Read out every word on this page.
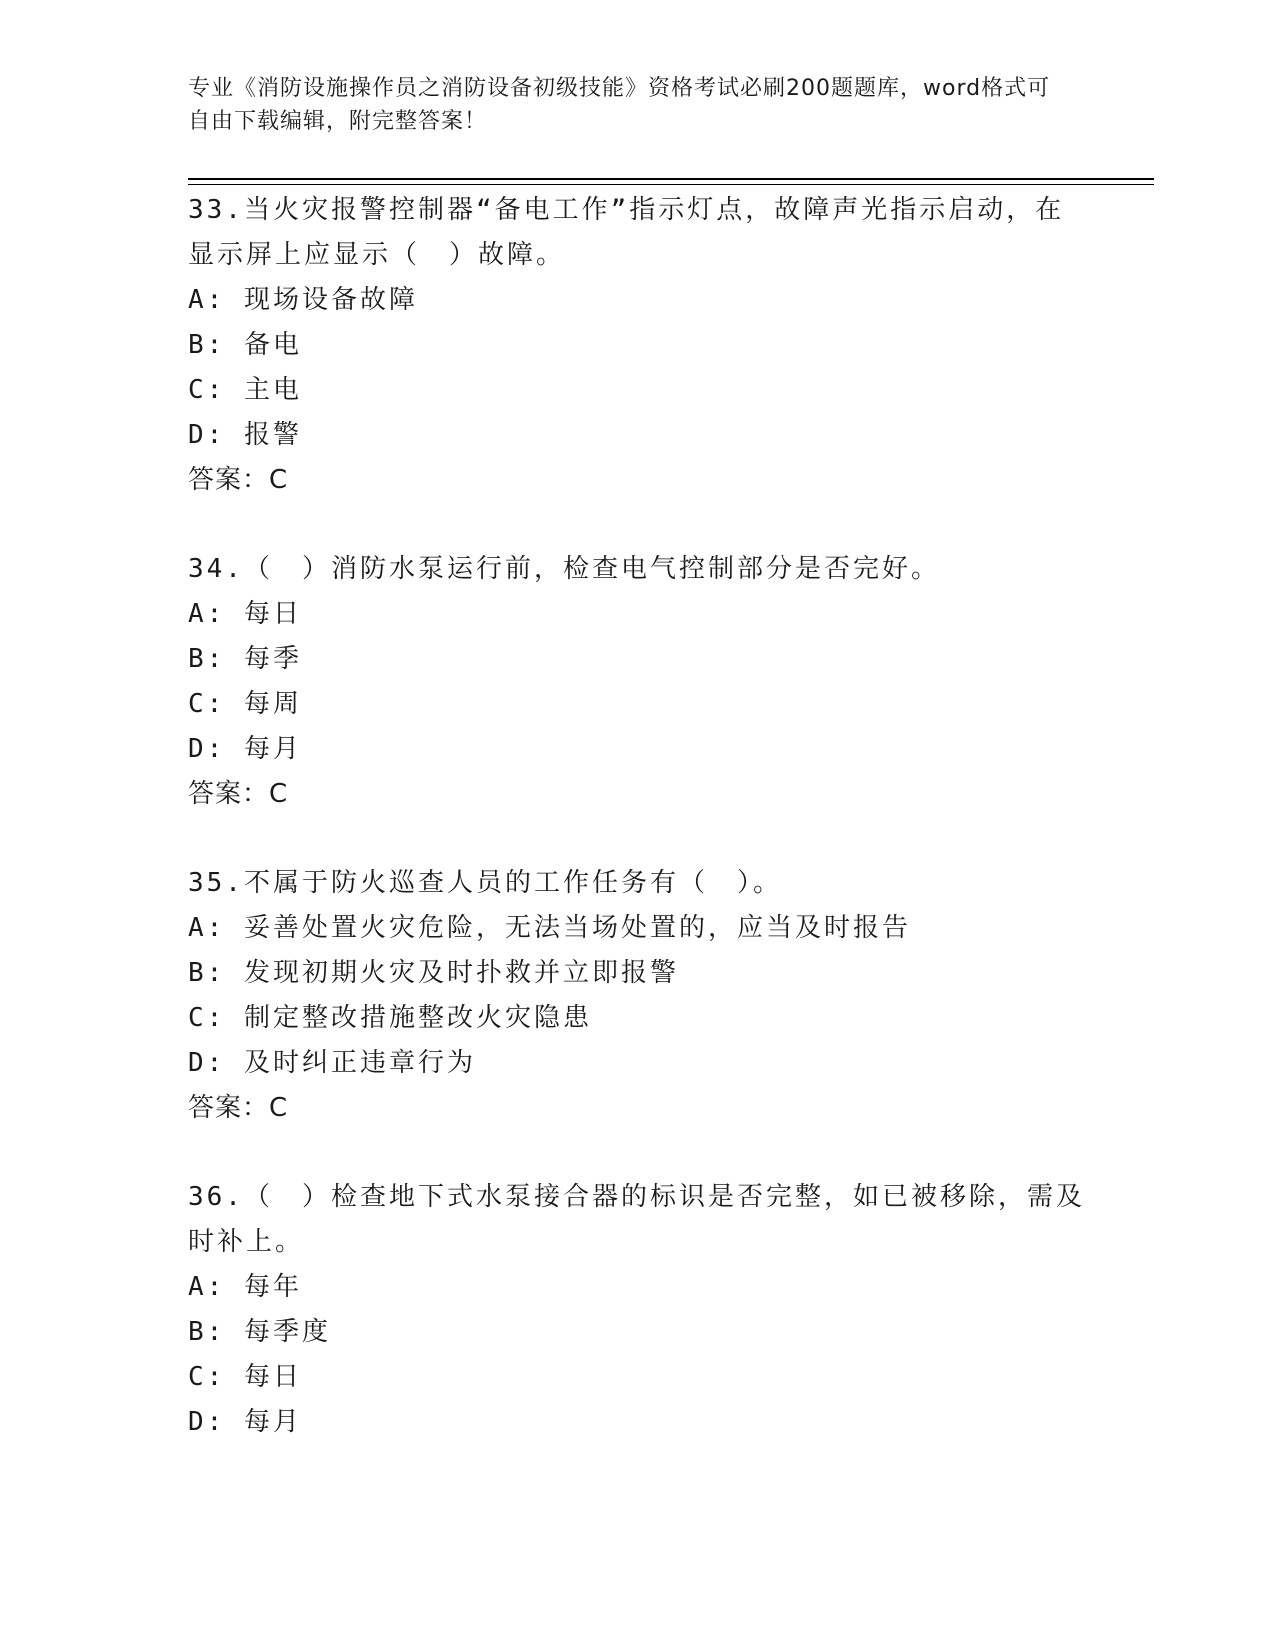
专业《消防设施操作员之消防设备初级技能》资格考试必刷200题题库，word格式可自由下载编辑，附完整答案！

33.当火灾报警控制器“备电工作”指示灯点，故障声光指示启动，在显示屏上应显示（　）故障。

A: 现场设备故障

B: 备电

C: 主电

D: 报警

答案：C

34.（　）消防水泵运行前，检查电气控制部分是否完好。

A: 每日

B: 每季

C: 每周

D: 每月

答案：C

35.不属于防火巡查人员的工作任务有（　）。

A: 妥善处置火灾危险，无法当场处置的，应当及时报告

B: 发现初期火灾及时扑救并立即报警

C: 制定整改措施整改火灾隐患

D: 及时纠正违章行为

答案：C

36.（　）检查地下式水泵接合器的标识是否完整，如已被移除，需及时补上。

A: 每年

B: 每季度

C: 每日

D: 每月
